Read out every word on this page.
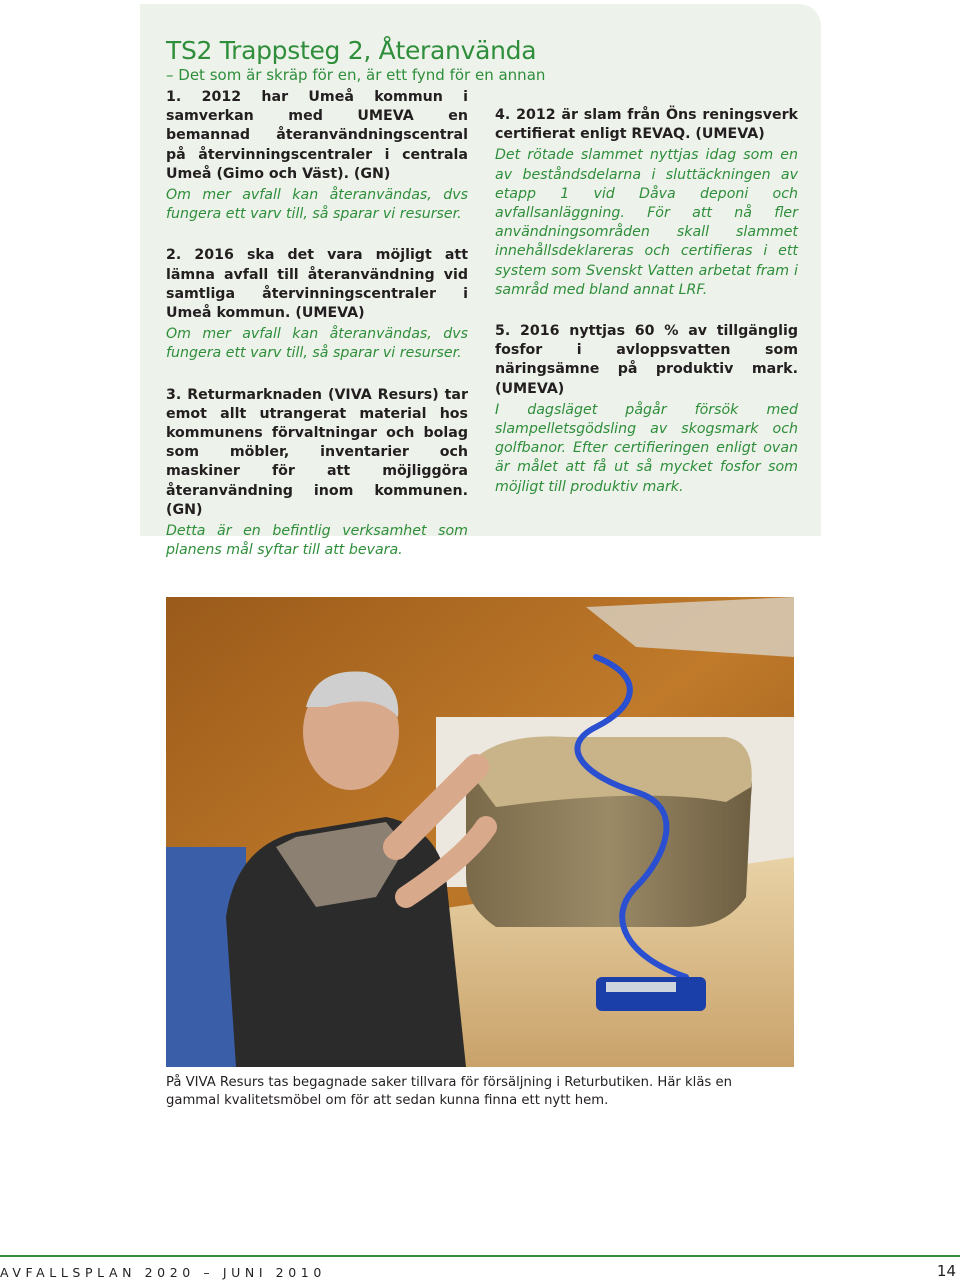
TS2 Trappsteg 2, Återanvända

– Det som är skräp för en, är ett fynd för en annan

1. 2012 har Umeå kommun i samverkan med UMEVA en bemannad återanvändningscentral på återvinningscentraler i centrala Umeå (Gimo och Väst). (GN)

Om mer avfall kan återanvändas, dvs fungera ett varv till, så sparar vi resurser.

2. 2016 ska det vara möjligt att lämna avfall till återanvändning vid samtliga återvinningscentraler i Umeå kommun. (UMEVA)

Om mer avfall kan återanvändas, dvs fungera ett varv till, så sparar vi resurser.

3. Returmarknaden (VIVA Resurs) tar emot allt utrangerat material hos kommunens förvaltningar och bolag som möbler, inventarier och maskiner för att möjliggöra återanvändning inom kommunen. (GN)

Detta är en befintlig verksamhet som planens mål syftar till att bevara.

4. 2012 är slam från Öns reningsverk certifierat enligt REVAQ. (UMEVA)

Det rötade slammet nyttjas idag som en av beståndsdelarna i sluttäckningen av etapp 1 vid Dåva deponi och avfallsanläggning. För att nå fler användningsområden skall slammet innehållsdeklareras och certifieras i ett system som Svenskt Vatten arbetat fram i samråd med bland annat LRF.

5. 2016 nyttjas 60 % av tillgänglig fosfor i avloppsvatten som näringsämne på produktiv mark. (UMEVA)

I dagsläget pågår försök med slampelletsgödsling av skogsmark och golfbanor. Efter certifieringen enligt ovan är målet att få ut så mycket fosfor som möjligt till produktiv mark.

På VIVA Resurs tas begagnade saker tillvara för försäljning i Returbutiken. Här kläs en gammal kvalitetsmöbel om för att sedan kunna finna ett nytt hem.

AVFALLSPLAN 2020 – JUNI 2010	14
